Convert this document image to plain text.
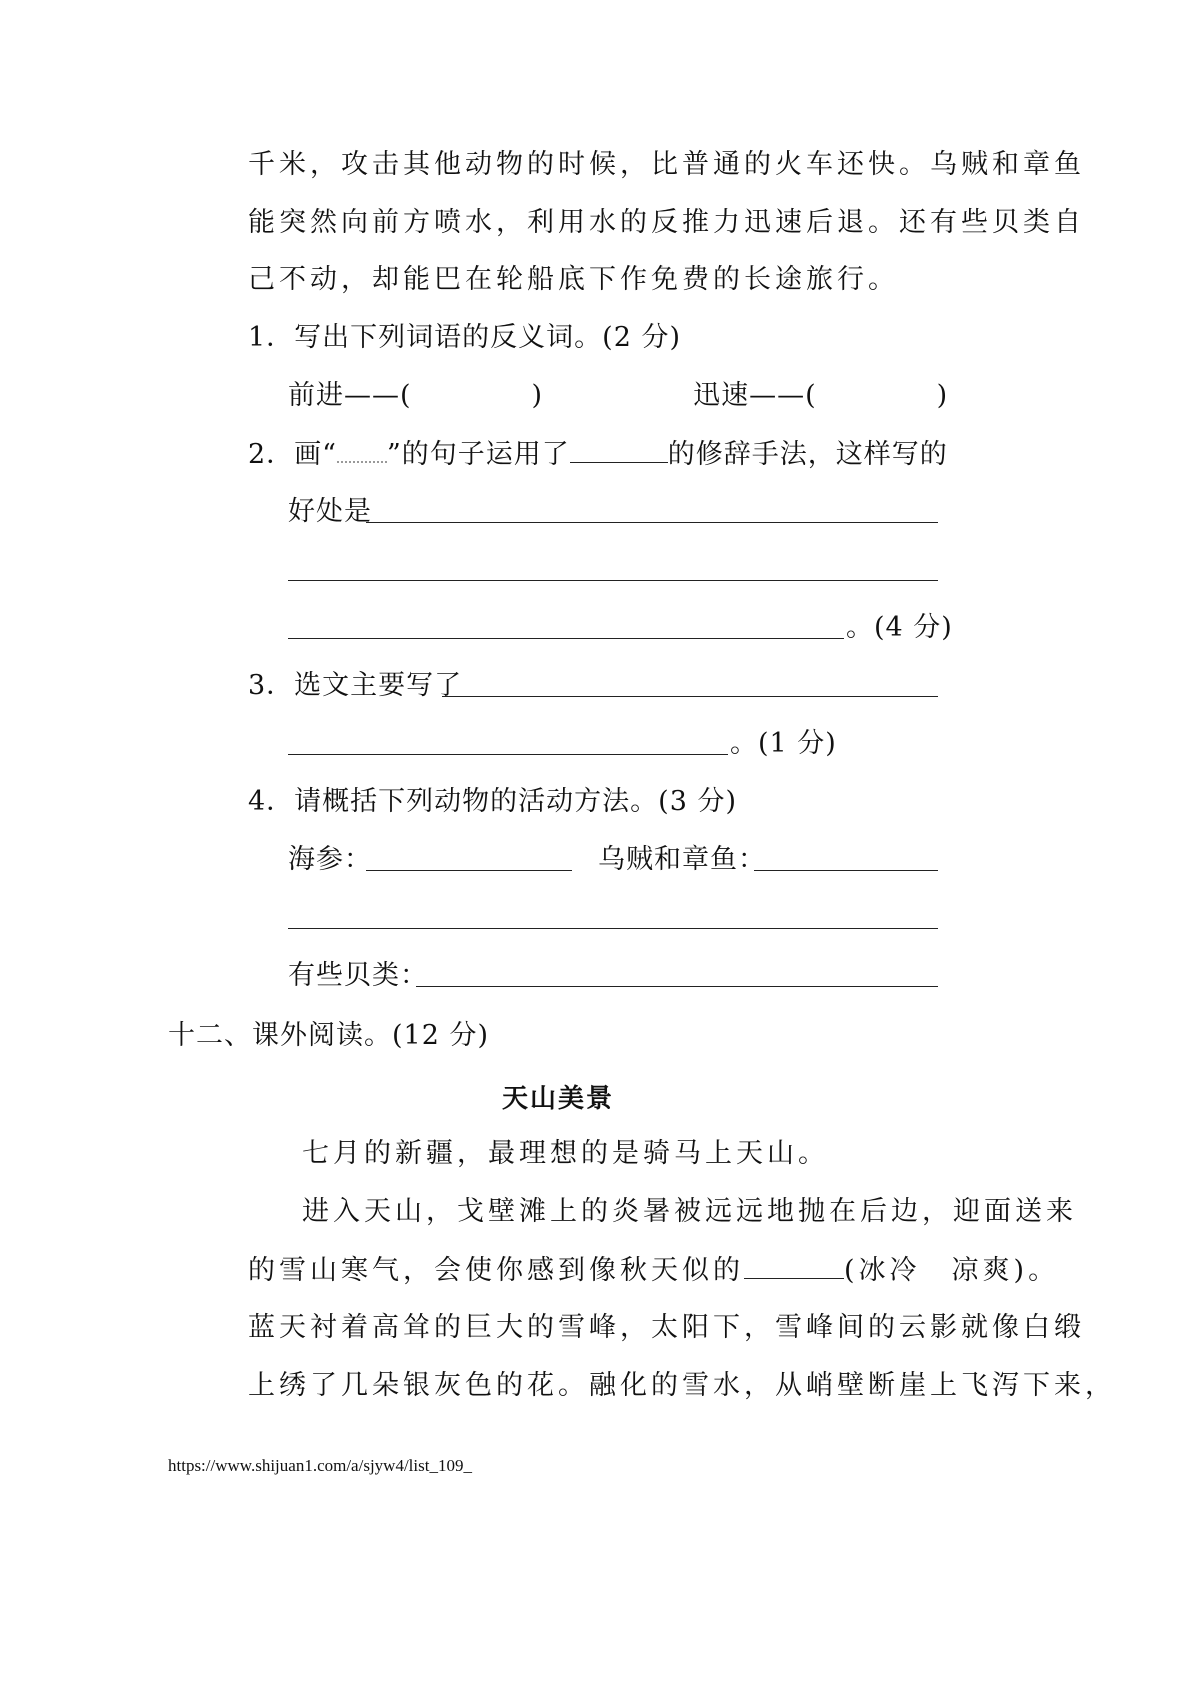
千米，攻击其他动物的时候，比普通的火车还快。乌贼和章鱼
能突然向前方喷水，利用水的反推力迅速后退。还有些贝类自
己不动，却能巴在轮船底下作免费的长途旅行。
1．写出下列词语的反义词。(2 分)
前进——(	)	迅速——(	)
2．画“ ”的句子运用了	的修辞手法，这样写的
好处是
。(4 分)
3．选文主要写了
。(1 分)
4．请概括下列动物的活动方法。(3 分)
海参：	乌贼和章鱼：
有些贝类：
十二、课外阅读。(12 分)
天山美景
七月的新疆，最理想的是骑马上天山。
进入天山，戈壁滩上的炎暑被远远地抛在后边，迎面送来
的雪山寒气，会使你感到像秋天似的	(冰冷　凉爽)。
蓝天衬着高耸的巨大的雪峰，太阳下，雪峰间的云影就像白缎
上绣了几朵银灰色的花。融化的雪水，从峭壁断崖上飞泻下来，
https://www.shijuan1.com/a/sjyw4/list_109_
